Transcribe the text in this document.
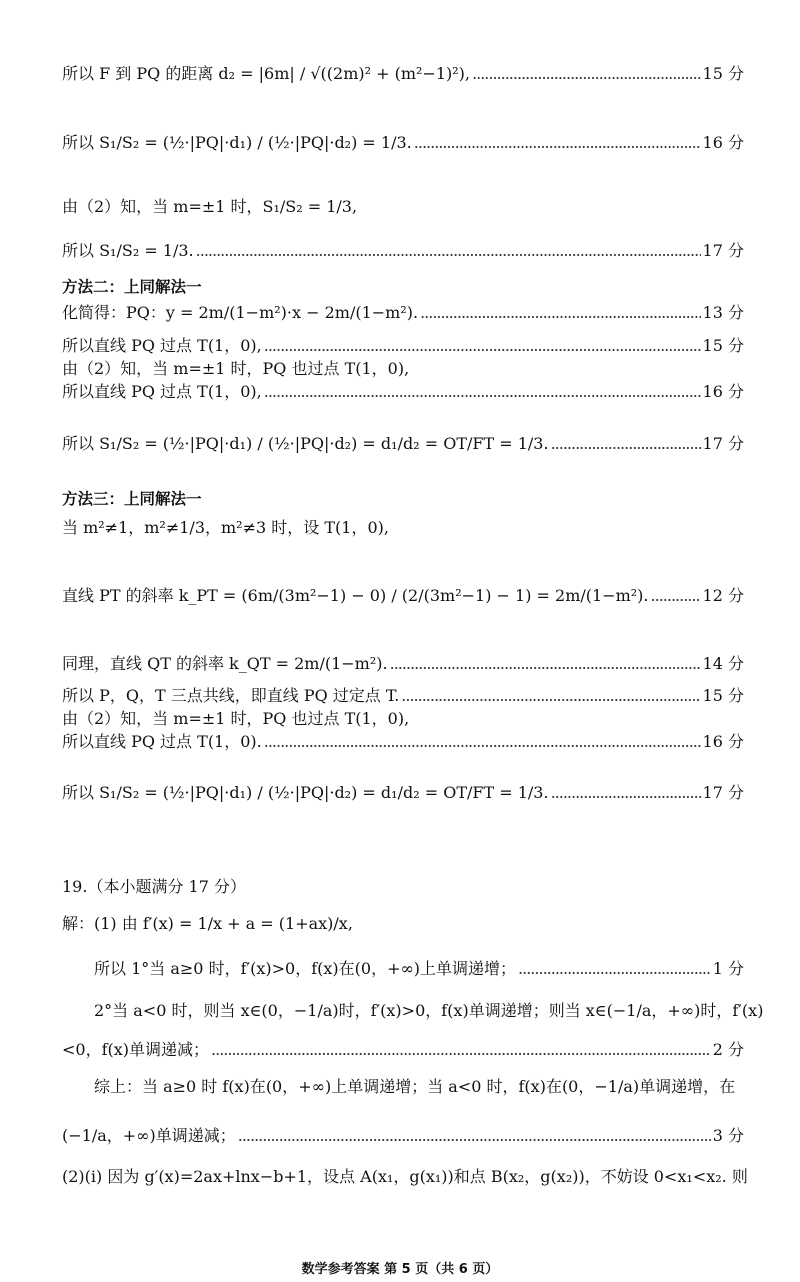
所以 F 到 PQ 的距离 d₂ = |6m| / √((2m)² + (m²−1)²), .....	15 分
所以 S₁/S₂ = (½·|PQ|·d₁) / (½·|PQ|·d₂) = 1/3. .....	16 分
由（2）知，当 m=±1 时，S₁/S₂ = 1/3,
所以 S₁/S₂ = 1/3. .....	17 分
方法二：上同解法一
化简得：PQ：y = 2m/(1−m²)·x − 2m/(1−m²). .....	13 分
所以直线 PQ 过点 T(1，0), .....	15 分
由（2）知，当 m=±1 时，PQ 也过点 T(1，0),
所以直线 PQ 过点 T(1，0), .....	16 分
所以 S₁/S₂ = (½·|PQ|·d₁) / (½·|PQ|·d₂) = d₁/d₂ = OT/FT = 1/3. .....	17 分
方法三：上同解法一
当 m²≠1，m²≠1/3，m²≠3 时，设 T(1，0),
直线 PT 的斜率 k_PT = (6m/(3m²−1) − 0) / (2/(3m²−1) − 1) = 2m/(1−m²). .....	12 分
同理，直线 QT 的斜率 k_QT = 2m/(1−m²). .....	14 分
所以 P，Q，T 三点共线，即直线 PQ 过定点 T. .....	15 分
由（2）知，当 m=±1 时，PQ 也过点 T(1，0),
所以直线 PQ 过点 T(1，0). .....	16 分
所以 S₁/S₂ = (½·|PQ|·d₁) / (½·|PQ|·d₂) = d₁/d₂ = OT/FT = 1/3. .....	17 分
19.（本小题满分 17 分）
解：(1) 由 f′(x) = 1/x + a = (1+ax)/x,
　　所以 1°当 a≥0 时，f′(x)>0，f(x)在(0，+∞)上单调递增； .....	1 分
　　2°当 a<0 时，则当 x∈(0，−1/a)时，f′(x)>0，f(x)单调递增；则当 x∈(−1/a，+∞)时，f′(x)
<0，f(x)单调递减； .....	2 分
　　综上：当 a≥0 时 f(x)在(0，+∞)上单调递增；当 a<0 时，f(x)在(0，−1/a)单调递增，在
(−1/a，+∞)单调递减； .....	3 分
(2)(i) 因为 g′(x)=2ax+lnx−b+1，设点 A(x₁，g(x₁))和点 B(x₂，g(x₂))，不妨设 0<x₁<x₂. 则
数学参考答案 第 5 页（共 6 页）
